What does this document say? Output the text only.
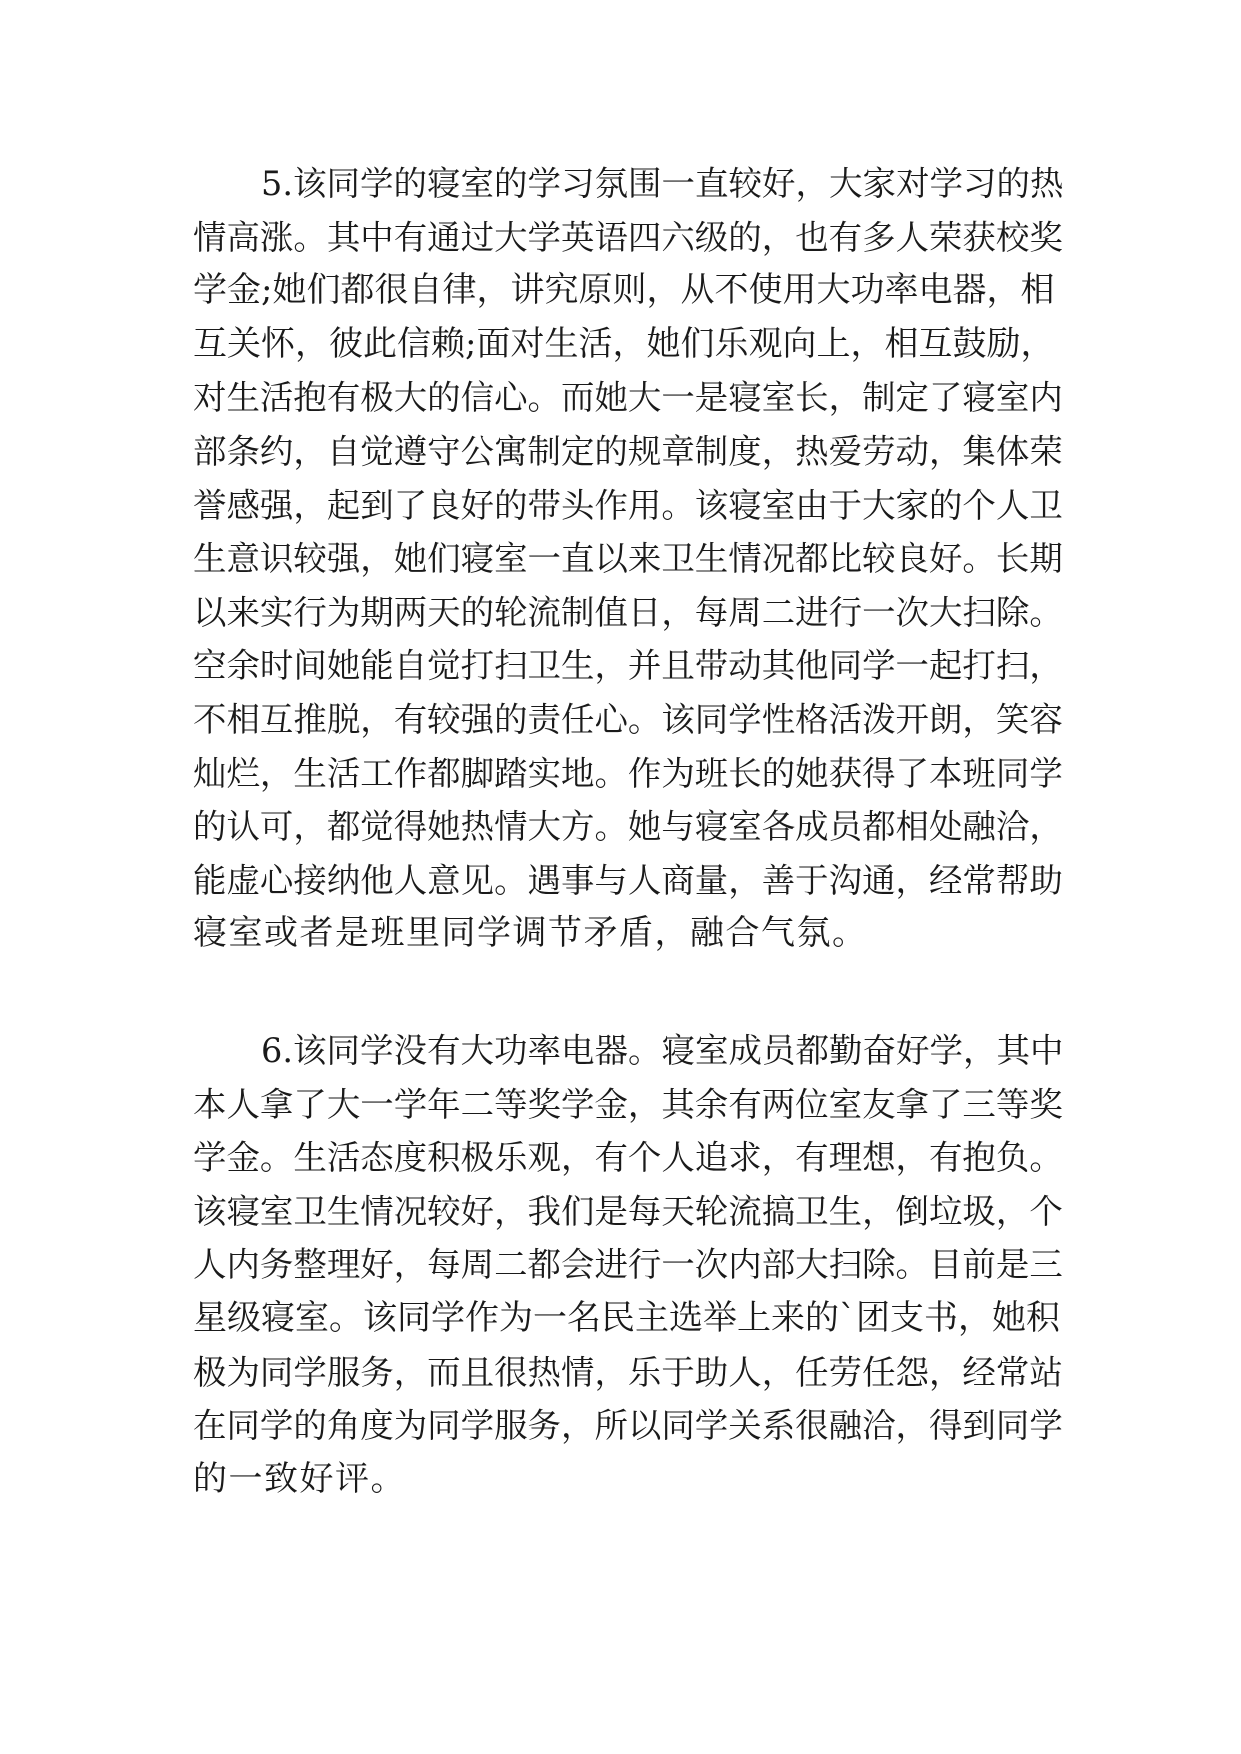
5.该同学的寝室的学习氛围一直较好，大家对学习的热
情高涨。其中有通过大学英语四六级的，也有多人荣获校奖
学金;她们都很自律，讲究原则，从不使用大功率电器，相
互关怀，彼此信赖;面对生活，她们乐观向上，相互鼓励，
对生活抱有极大的信心。而她大一是寝室长，制定了寝室内
部条约，自觉遵守公寓制定的规章制度，热爱劳动，集体荣
誉感强，起到了良好的带头作用。该寝室由于大家的个人卫
生意识较强，她们寝室一直以来卫生情况都比较良好。长期
以来实行为期两天的轮流制值日，每周二进行一次大扫除。
空余时间她能自觉打扫卫生，并且带动其他同学一起打扫，
不相互推脱，有较强的责任心。该同学性格活泼开朗，笑容
灿烂，生活工作都脚踏实地。作为班长的她获得了本班同学
的认可，都觉得她热情大方。她与寝室各成员都相处融洽，
能虚心接纳他人意见。遇事与人商量，善于沟通，经常帮助
寝室或者是班里同学调节矛盾，融合气氛。
6.该同学没有大功率电器。寝室成员都勤奋好学，其中
本人拿了大一学年二等奖学金，其余有两位室友拿了三等奖
学金。生活态度积极乐观，有个人追求，有理想，有抱负。
该寝室卫生情况较好，我们是每天轮流搞卫生，倒垃圾，个
人内务整理好，每周二都会进行一次内部大扫除。目前是三
星级寝室。该同学作为一名民主选举上来的`团支书，她积
极为同学服务，而且很热情，乐于助人，任劳任怨，经常站
在同学的角度为同学服务，所以同学关系很融洽，得到同学
的一致好评。
